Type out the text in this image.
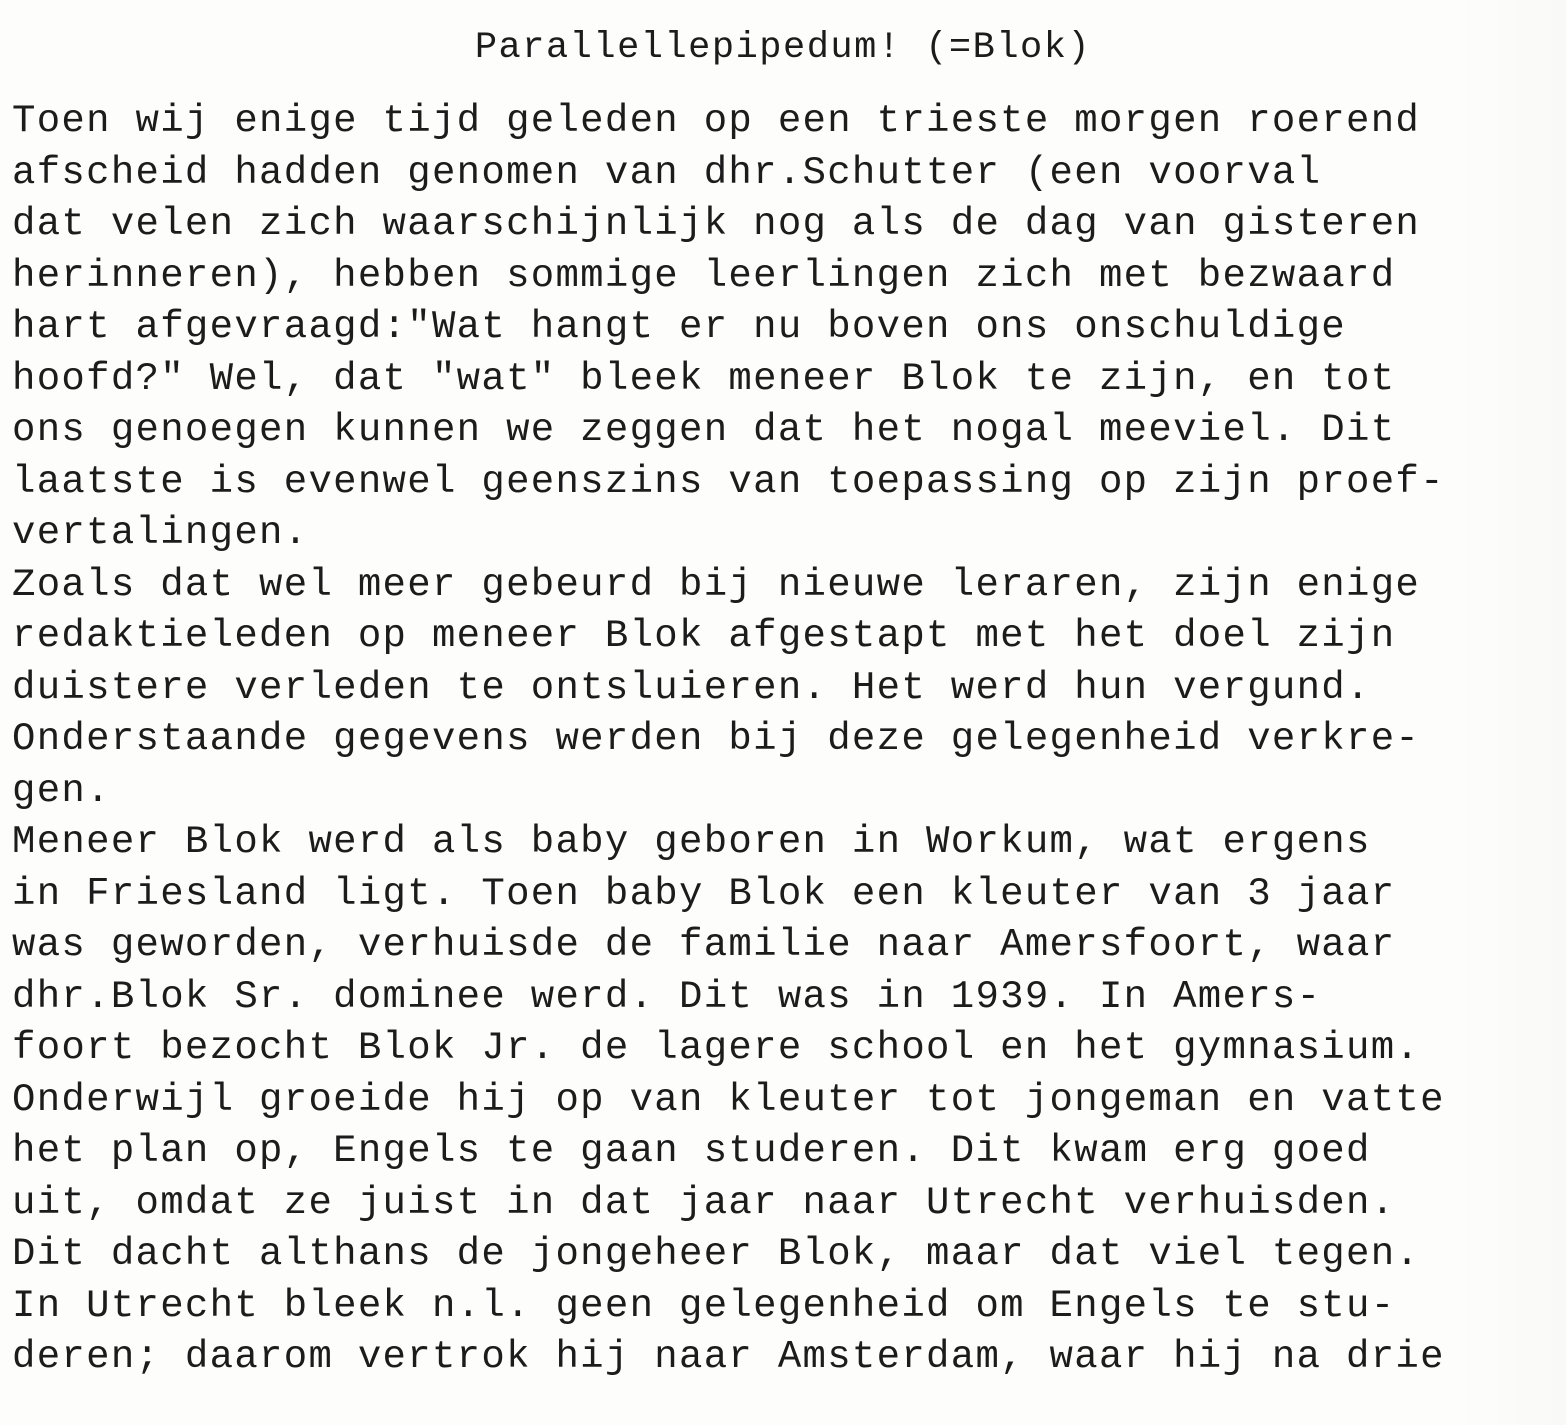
Parallellepipedum! (=Blok)
Toen wij enige tijd geleden op een trieste morgen roerend
afscheid hadden genomen van dhr.Schutter (een voorval
dat velen zich waarschijnlijk nog als de dag van gisteren
herinneren), hebben sommige leerlingen zich met bezwaard
hart afgevraagd:"Wat hangt er nu boven ons onschuldige
hoofd?" Wel, dat "wat" bleek meneer Blok te zijn, en tot
ons genoegen kunnen we zeggen dat het nogal meeviel. Dit
laatste is evenwel geenszins van toepassing op zijn proef-
vertalingen.
Zoals dat wel meer gebeurd bij nieuwe leraren, zijn enige
redaktieleden op meneer Blok afgestapt met het doel zijn
duistere verleden te ontsluieren. Het werd hun vergund.
Onderstaande gegevens werden bij deze gelegenheid verkre-
gen.
Meneer Blok werd als baby geboren in Workum, wat ergens
in Friesland ligt. Toen baby Blok een kleuter van 3 jaar
was geworden, verhuisde de familie naar Amersfoort, waar
dhr.Blok Sr. dominee werd. Dit was in 1939. In Amers-
foort bezocht Blok Jr. de lagere school en het gymnasium.
Onderwijl groeide hij op van kleuter tot jongeman en vatte
het plan op, Engels te gaan studeren. Dit kwam erg goed
uit, omdat ze juist in dat jaar naar Utrecht verhuisden.
Dit dacht althans de jongeheer Blok, maar dat viel tegen.
In Utrecht bleek n.l. geen gelegenheid om Engels te stu-
deren; daarom vertrok hij naar Amsterdam, waar hij na drie
